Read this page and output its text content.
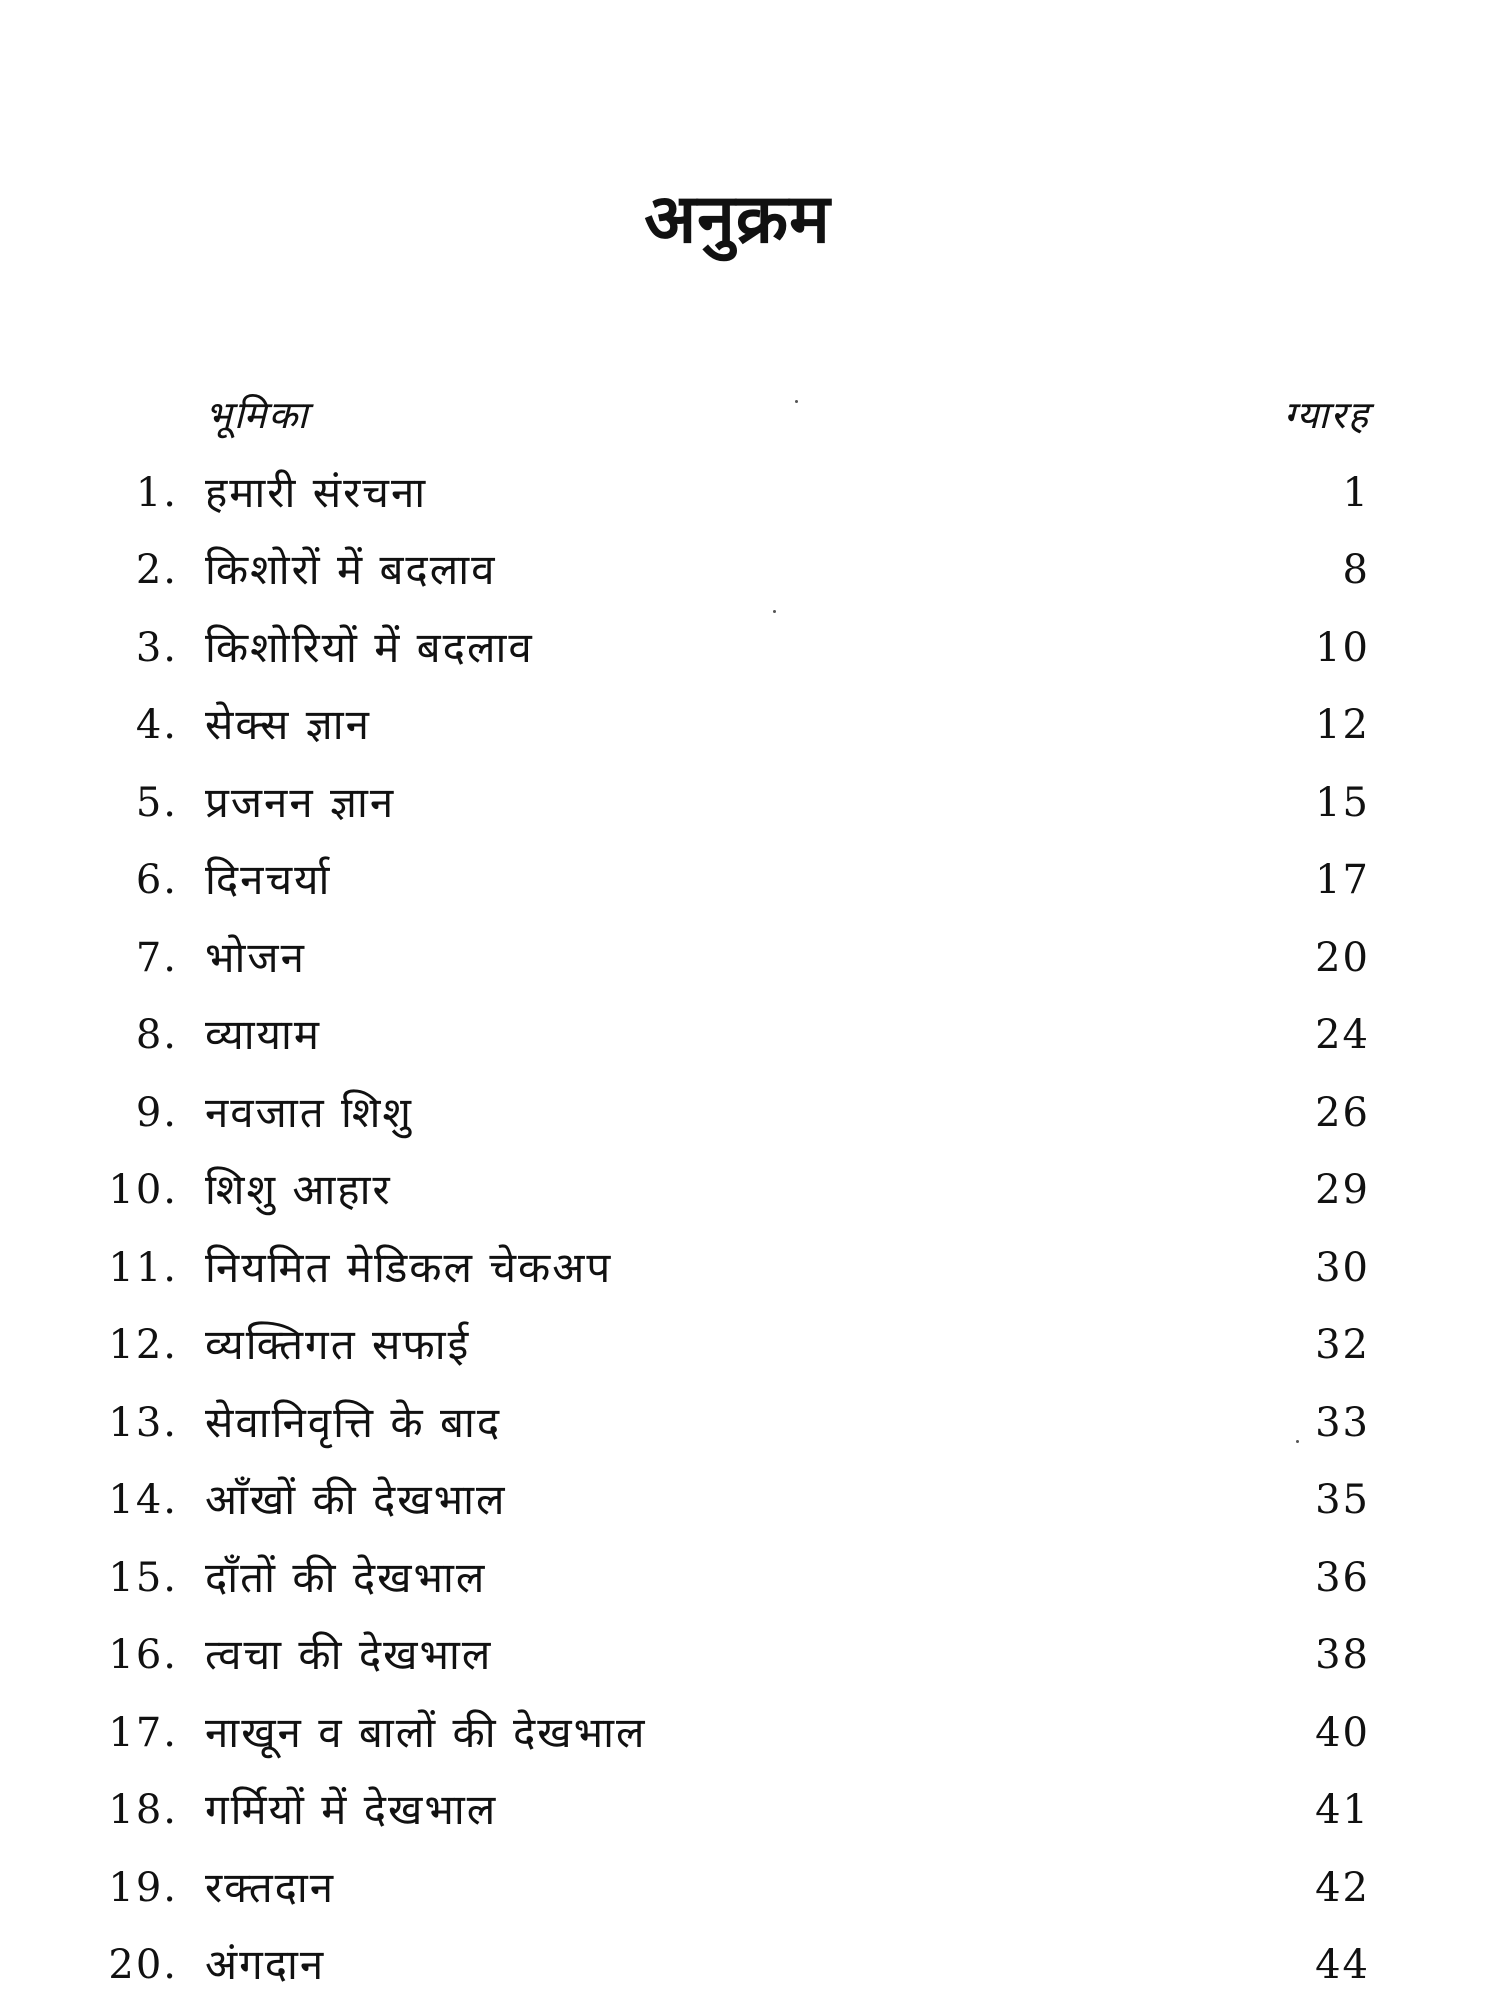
अनुक्रम
भूमिका	ग्यारह
1. हमारी संरचना	1
2. किशोरों में बदलाव	8
3. किशोरियों में बदलाव	10
4. सेक्स ज्ञान	12
5. प्रजनन ज्ञान	15
6. दिनचर्या	17
7. भोजन	20
8. व्यायाम	24
9. नवजात शिशु	26
10. शिशु आहार	29
11. नियमित मेडिकल चेकअप	30
12. व्यक्तिगत सफाई	32
13. सेवानिवृत्ति के बाद	33
14. आँखों की देखभाल	35
15. दाँतों की देखभाल	36
16. त्वचा की देखभाल	38
17. नाखून व बालों की देखभाल	40
18. गर्मियों में देखभाल	41
19. रक्तदान	42
20. अंगदान	44
